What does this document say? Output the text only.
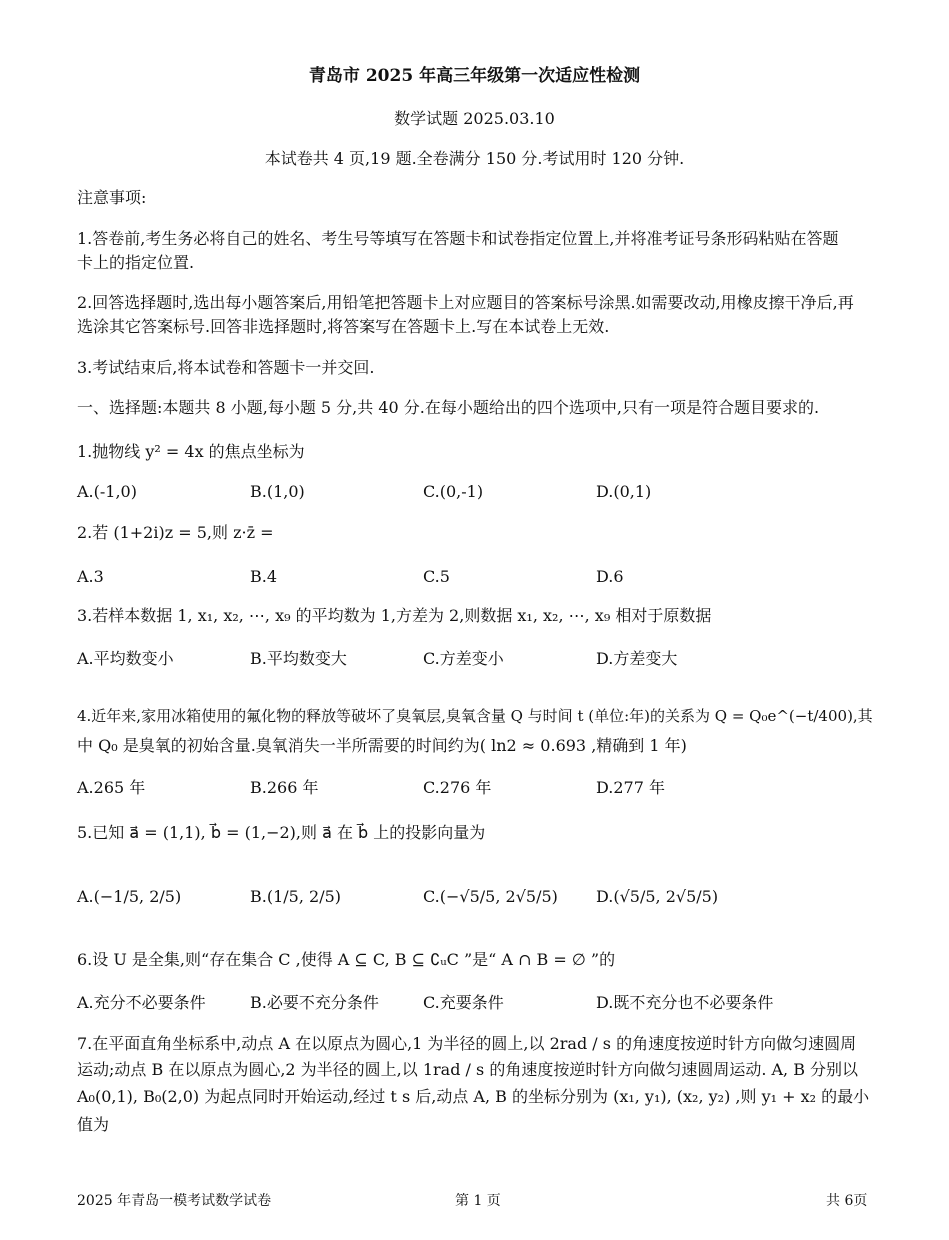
青岛市 2025 年高三年级第一次适应性检测
数学试题 2025.03.10
本试卷共 4 页,19 题.全卷满分 150 分.考试用时 120 分钟.
注意事项:
1.答卷前,考生务必将自己的姓名、考生号等填写在答题卡和试卷指定位置上,并将准考证号条形码粘贴在答题
卡上的指定位置.
2.回答选择题时,选出每小题答案后,用铅笔把答题卡上对应题目的答案标号涂黑.如需要改动,用橡皮擦干净后,再
选涂其它答案标号.回答非选择题时,将答案写在答题卡上.写在本试卷上无效.
3.考试结束后,将本试卷和答题卡一并交回.
一、选择题:本题共 8 小题,每小题 5 分,共 40 分.在每小题给出的四个选项中,只有一项是符合题目要求的.
1.抛物线 y² = 4x 的焦点坐标为
A.(-1,0)	B.(1,0)	C.(0,-1)	D.(0,1)
2.若 (1+2i)z = 5,则 z·z̄ =
A.3	B.4	C.5	D.6
3.若样本数据 1, x₁, x₂, ⋯, x₉ 的平均数为 1,方差为 2,则数据 x₁, x₂, ⋯, x₉ 相对于原数据
A.平均数变小	B.平均数变大	C.方差变小	D.方差变大
4.近年来,家用冰箱使用的氟化物的释放等破坏了臭氧层,臭氧含量 Q 与时间 t (单位:年)的关系为 Q = Q₀e^(−t/400),其
中 Q₀ 是臭氧的初始含量.臭氧消失一半所需要的时间约为( ln2 ≈ 0.693 ,精确到 1 年)
A.265 年	B.266 年	C.276 年	D.277 年
5.已知 a⃗ = (1,1), b⃗ = (1,−2),则 a⃗ 在 b⃗ 上的投影向量为
A.(−1/5, 2/5)	B.(1/5, 2/5)	C.(−√5/5, 2√5/5) D.(√5/5, 2√5/5)
6.设 U 是全集,则“存在集合 C ,使得 A ⊆ C, B ⊆ ∁ᵤC ”是“ A ∩ B = ∅ ”的
A.充分不必要条件	B.必要不充分条件	C.充要条件	D.既不充分也不必要条件
7.在平面直角坐标系中,动点 A 在以原点为圆心,1 为半径的圆上,以 2rad / s 的角速度按逆时针方向做匀速圆周
运动;动点 B 在以原点为圆心,2 为半径的圆上,以 1rad / s 的角速度按逆时针方向做匀速圆周运动. A, B 分别以
A₀(0,1), B₀(2,0) 为起点同时开始运动,经过 t s 后,动点 A, B 的坐标分别为 (x₁, y₁), (x₂, y₂) ,则 y₁ + x₂ 的最小
值为
2025 年青岛一模考试数学试卷	第 1 页	共 6页
